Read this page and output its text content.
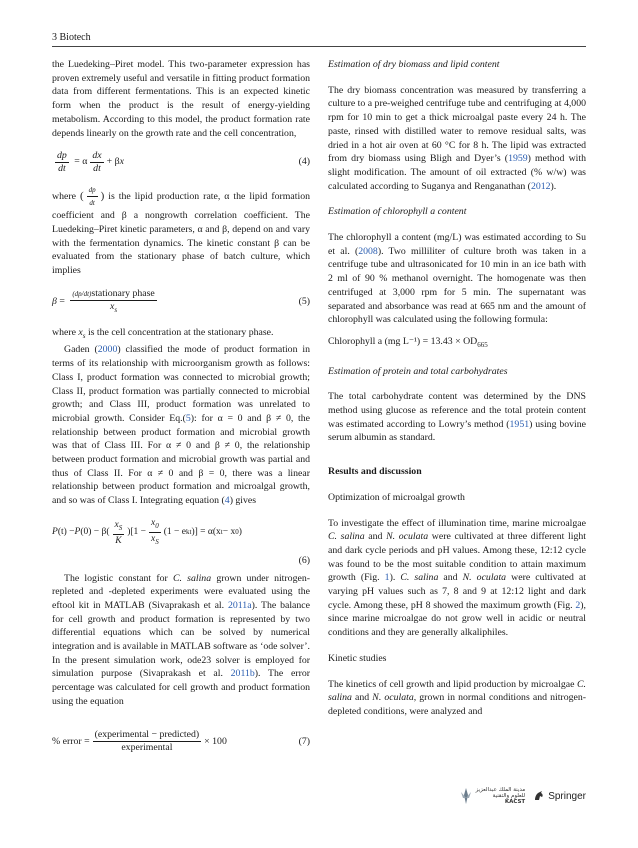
3 Biotech

the Luedeking–Piret model. This two-parameter expression has proven extremely useful and versatile in fitting product formation data from different fermentations. This is an expected kinetic form when the product is the result of energy-yielding metabolism. According to this model, the product formation rate depends linearly on the growth rate and the cell concentration,

$\frac{dp}{dt} = \alpha \frac{dx}{dt} + \beta x$	(4)

where ( $\frac{dp}{dt}$ ) is the lipid production rate, α the lipid formation coefficient and β a nongrowth correlation coefficient. The Luedeking–Piret kinetic parameters, α and β, depend on and vary with the fermentation dynamics. The kinetic constant β can be evaluated from the stationary phase of batch culture, which implies

$\beta = \frac{\text{(dp/dt)stationary phase}}{x_s}$	(5)

where $x_s$ is the cell concentration at the stationary phase.

Gaden (2000) classified the mode of product formation in terms of its relationship with microorganism growth as follows: Class I, product formation was connected to microbial growth; Class II, product formation was partially connected to microbial growth; and Class III, product formation was unrelated to microbial growth. Consider Eq.(5): for α = 0 and β ≠ 0, the relationship between product formation and microbial growth was that of Class III. For α ≠ 0 and β ≠ 0, the relationship between product formation and microbial growth was partial and thus of Class II. For α ≠ 0 and β = 0, there was a linear relationship between product formation and microalgal growth, and so was of Class I. Integrating equation (4) gives

P (t) − P $(0) - \beta( \frac{x_S}{K} )[1 - \frac{x_0}{x_S} (1 - e$ kt )] = α(x t − x 0 )
(6)

The logistic constant for C. salina grown under nitrogen-repleted and -depleted experiments were evaluated using the eftool kit in MATLAB (Sivaprakash et al. 2011a). The balance for cell growth and product formation is represented by two differential equations which can be solved by numerical integration and is available in MATLAB software as ‘ode solver’. In the present simulation work, ode23 solver is employed for simulation purpose (Sivaprakash et al. 2011b). The error percentage was calculated for cell growth and product formation using the equation

% error = $\frac{\text{(experimental − predicted)}}{\text{experimental}} \times 100$	(7)

Estimation of dry biomass and lipid content

The dry biomass concentration was measured by transferring a culture to a pre-weighed centrifuge tube and centrifuging at 4,000 rpm for 10 min to get a thick microalgal paste every 24 h. The paste, rinsed with distilled water to remove residual salts, was dried in a hot air oven at 60 °C for 8 h. The lipid was extracted from dry biomass using Bligh and Dyer’s (1959) method with slight modification. The amount of oil extracted (% w/w) was calculated according to Suganya and Renganathan (2012).

Estimation of chlorophyll a content

The chlorophyll a content (mg/L) was estimated according to Su et al. (2008). Two milliliter of culture broth was taken in a centrifuge tube and ultrasonicated for 10 min in an ice bath with 2 ml of 90 % methanol overnight. The homogenate was then centrifuged at 3,000 rpm for 5 min. The supernatant was separated and absorbance was read at 665 nm and the amount of chlorophyll was calculated using the following formula:

Chlorophyll a (mg $L^{-1}) = 13.43 \times OD_{665}$

Estimation of protein and total carbohydrates

The total carbohydrate content was determined by the DNS method using glucose as reference and the total protein content was estimated according to Lowry’s method (1951) using bovine serum albumin as standard.

Results and discussion

Optimization of microalgal growth

To investigate the effect of illumination time, marine microalgae C. salina and N. oculata were cultivated at three different light and dark cycle periods and pH values. Among these, 12:12 cycle was found to be the most suitable condition to attain maximum growth (Fig. 1). C. salina and N. oculata were cultivated at varying pH values such as 7, 8 and 9 at 12:12 light and dark cycle. Among these, pH 8 showed the maximum growth (Fig. 2), since marine microalgae do not grow well in acidic or neutral conditions and they are generally alkaliphiles.

Kinetic studies

The kinetics of cell growth and lipid production by microalgae C. salina and N. oculata, grown in normal conditions and nitrogen-depleted conditions, were analyzed and

مدينة الملك عبدالعزيز
للعلوم والتقنية
KACST
Springer
